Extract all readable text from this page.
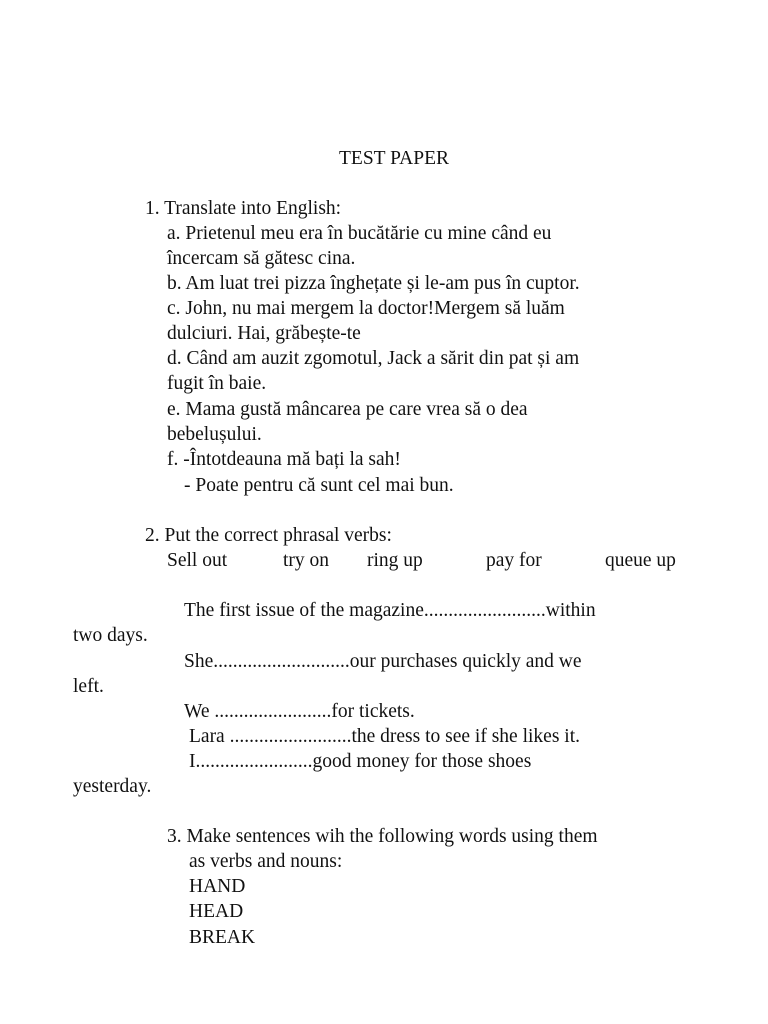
TEST PAPER
1. Translate into English:
a. Prietenul meu era în bucătărie cu mine când eu
încercam să gătesc cina.
b. Am luat trei pizza înghețate și le-am pus în cuptor.
c. John, nu mai mergem la doctor!Mergem să luăm
dulciuri. Hai, grăbește-te
d. Când am auzit zgomotul, Jack a sărit din pat și am
fugit în baie.
e. Mama gustă mâncarea pe care vrea să o dea
bebelușului.
f. -Întotdeauna mă bați la sah!
- Poate pentru că sunt cel mai bun.
2. Put the correct phrasal verbs:
Sell out	try on ring up	pay for	queue up
The first issue of the magazine.........................within
two days.
She............................our purchases quickly and we
left.
We ........................for tickets.
Lara .........................the dress to see if she likes it.
I........................good money for those shoes
yesterday.
3. Make sentences wih the following words using them
as verbs and nouns:
HAND
HEAD
BREAK
